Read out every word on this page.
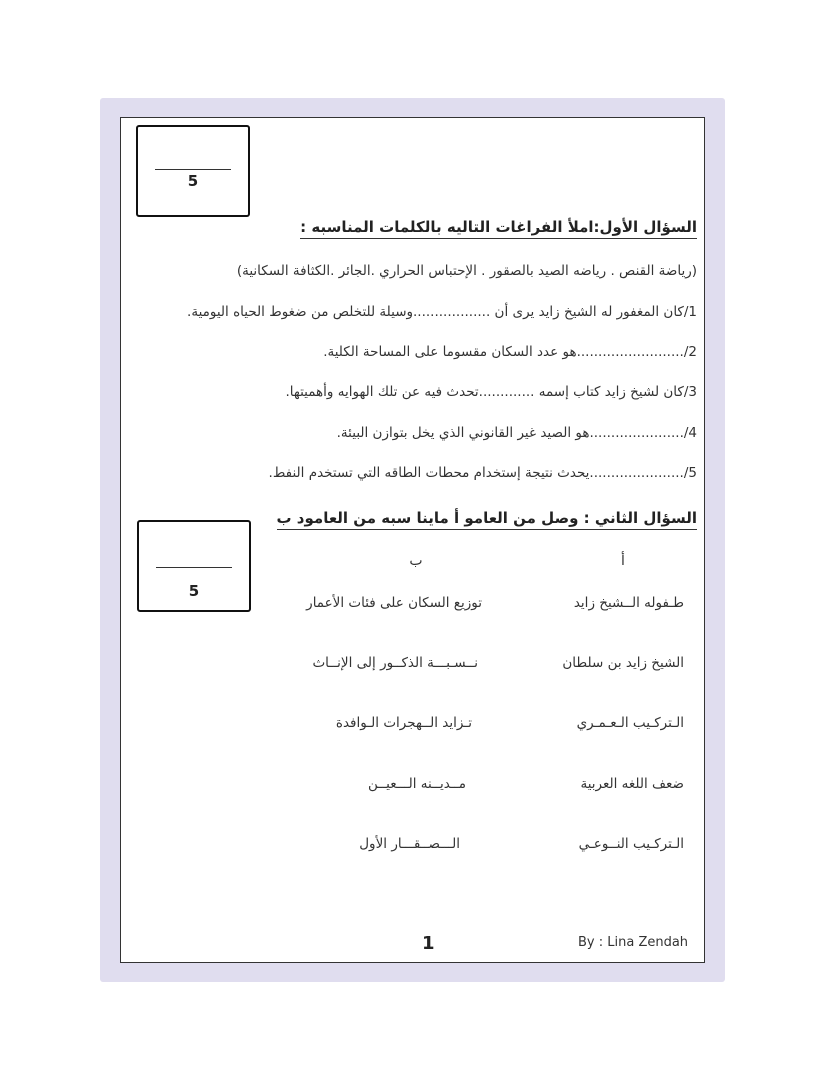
5
السؤال الأول:املأ الفراغات التاليه بالكلمات المناسبه :
(رياضة القنص . رياضه الصيد بالصقور . الإحتباس الحراري .الجائر .الكثافة السكانية)
1/كان المغفور له الشيخ زايد يرى أن ..................وسيلة للتخلص من ضغوط الحياه اليومية.
2/.........................هو عدد السكان مقسوما على المساحة الكلية.
3/كان لشيخ زايد كتاب إسمه .............تحدث فيه عن تلك الهوايه وأهميتها.
4/......................هو الصيد غير القانوني الذي يخل بتوازن البيئة.
5/......................يحدث نتيجة إستخدام محطات الطاقه التي تستخدم النفط.
5
السؤال الثاني : وصل من العامو أ ماينا سبه من العامود ب
أ
ب
طـفوله الــشيخ زايد
الشيخ زايد بن سلطان
الـتركـيب الـعـمـري
ضعف اللغه العربية
الـتركـيب النــوعـي
توزيع السكان على فئات الأعمار
نــسـبـــة الذكــور إلى الإنــاث
تـزايد الــهجرات الـوافدة
مــديــنه الـــعيــن
الـــصــقـــار الأول
1	By : Lina Zendah
